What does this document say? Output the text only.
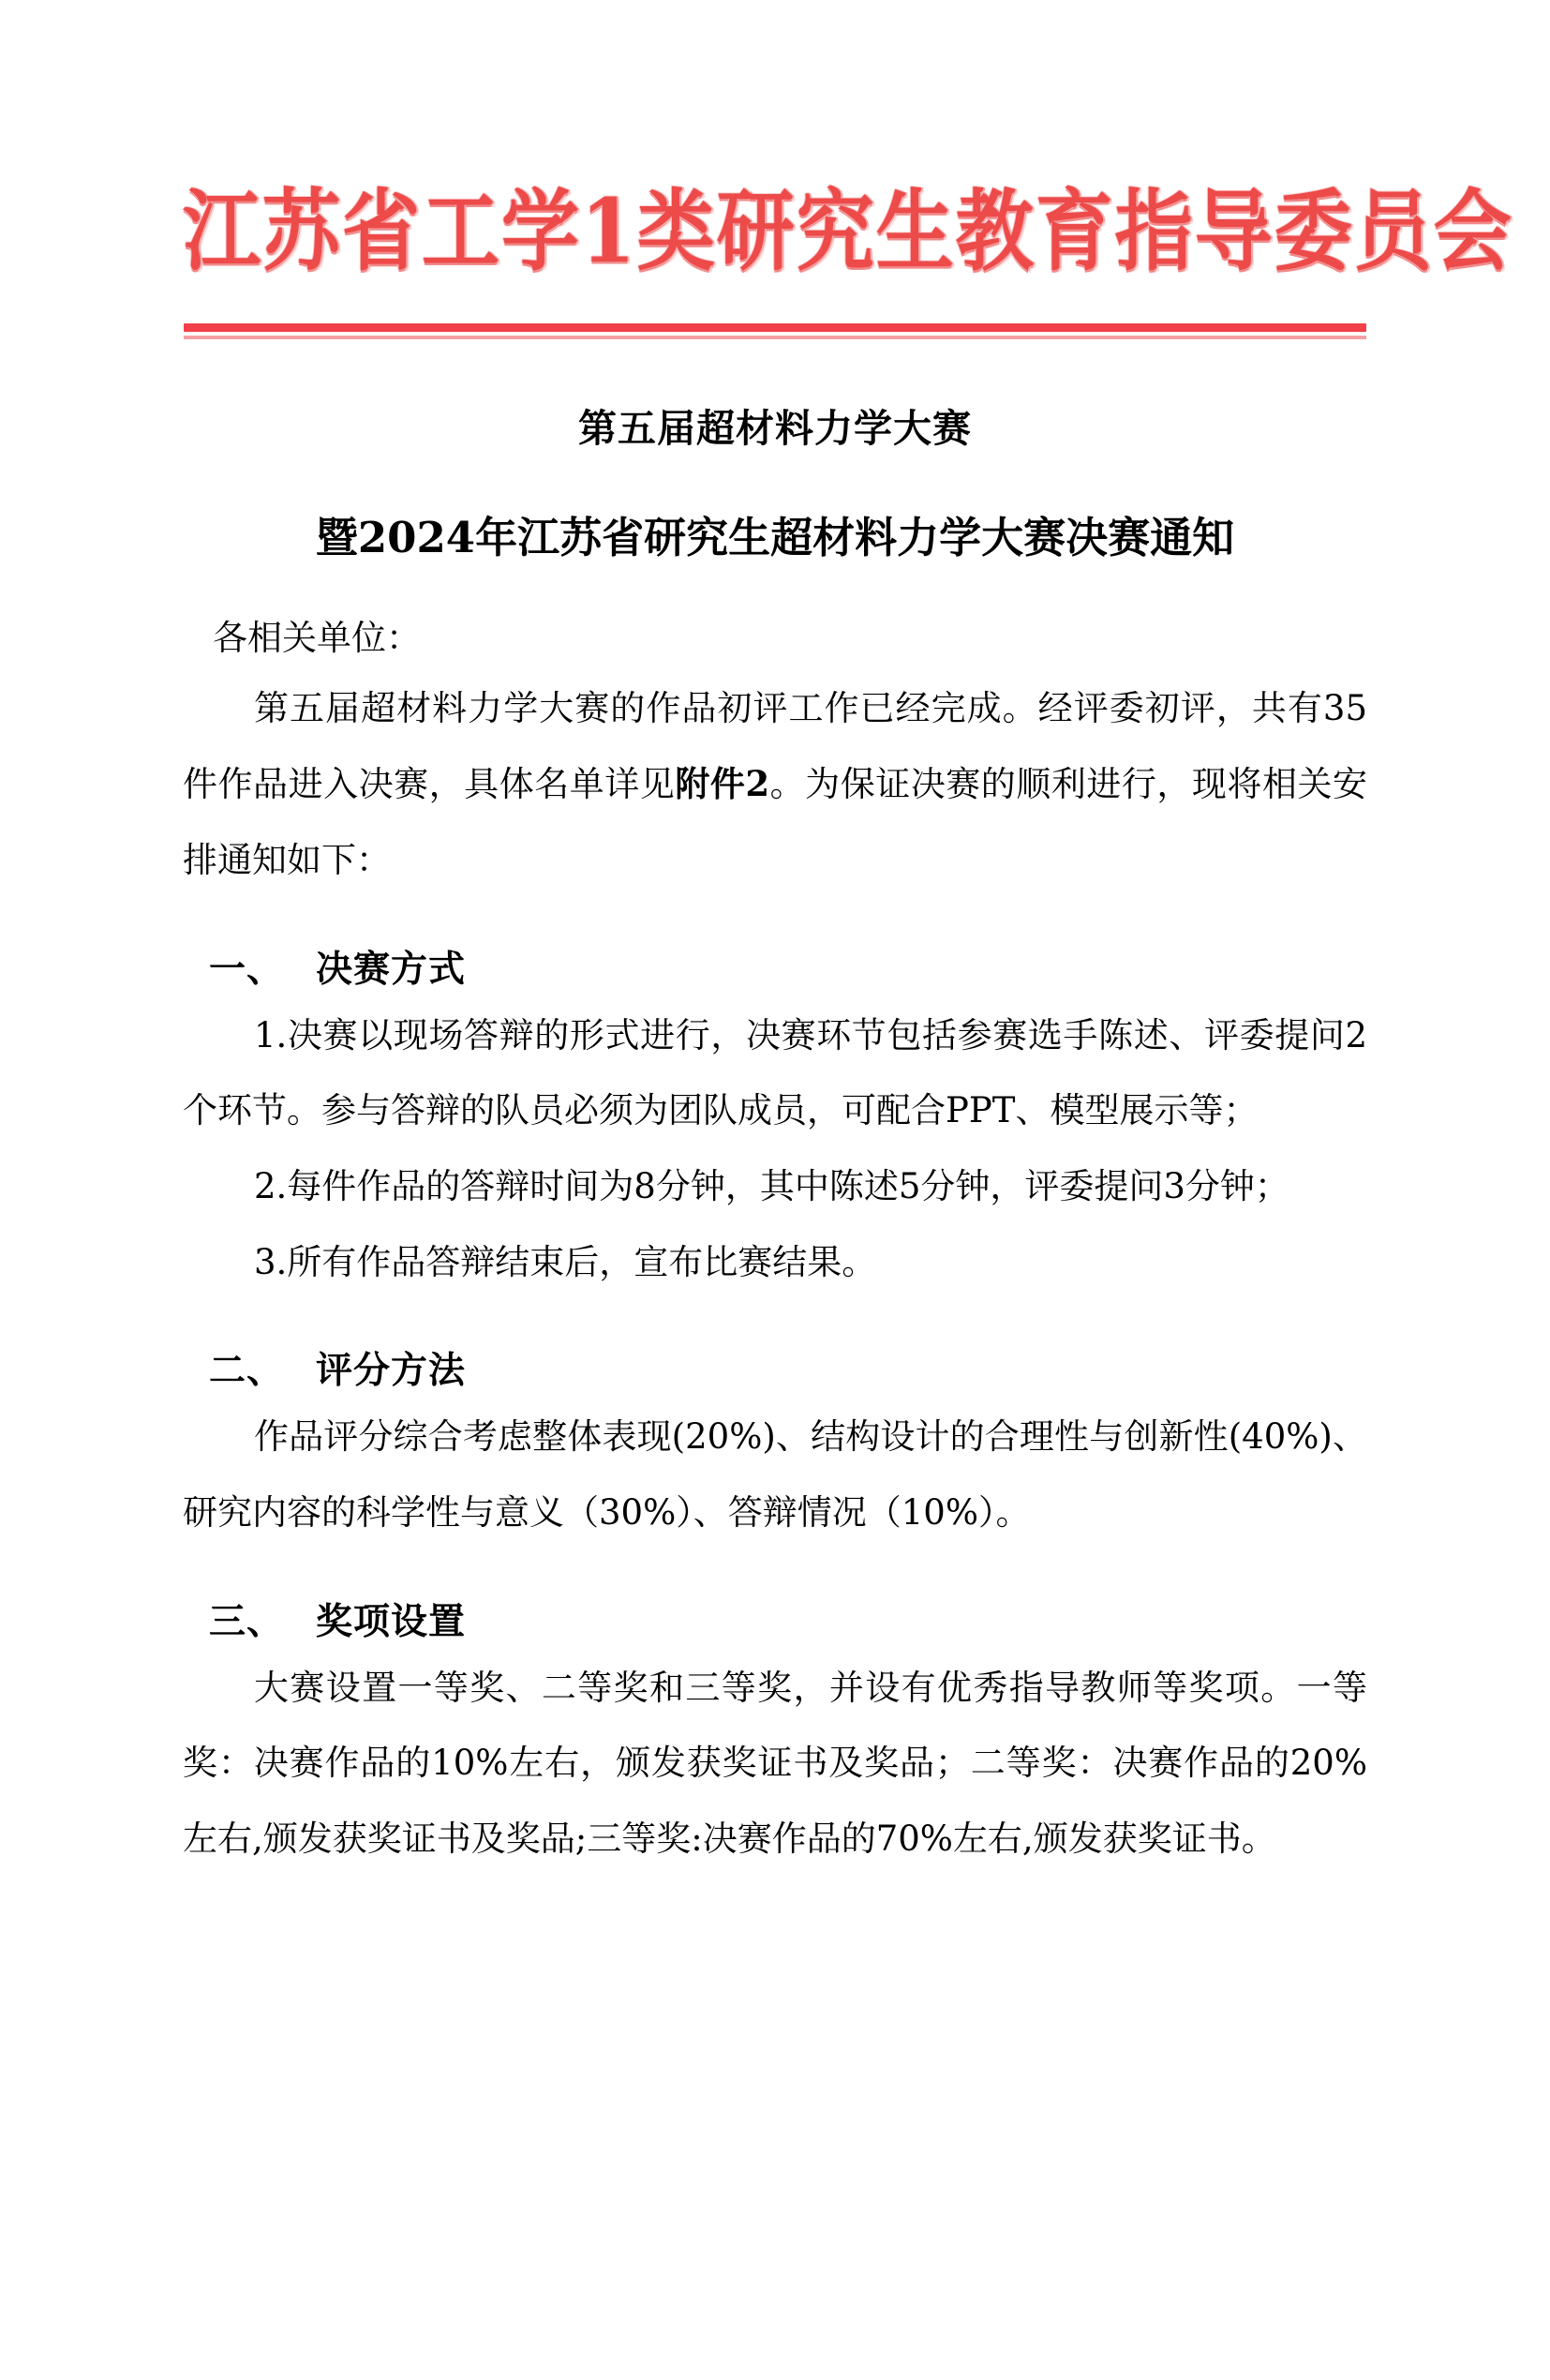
江苏省工学1类研究生教育指导委员会
第五届超材料力学大赛
暨2024年江苏省研究生超材料力学大赛决赛通知
各相关单位：

第五届超材料力学大赛的作品初评工作已经完成。经评委初评，共有35件作品进入决赛，具体名单详见附件2。为保证决赛的顺利进行，现将相关安排通知如下：

一、 决赛方式

1.决赛以现场答辩的形式进行，决赛环节包括参赛选手陈述、评委提问2个环节。参与答辩的队员必须为团队成员，可配合PPT、模型展示等；

2.每件作品的答辩时间为8分钟，其中陈述5分钟，评委提问3分钟；

3.所有作品答辩结束后，宣布比赛结果。

二、 评分方法

作品评分综合考虑整体表现(20%)、结构设计的合理性与创新性(40%)、研究内容的科学性与意义（30%）、答辩情况（10%）。

三、 奖项设置

大赛设置一等奖、二等奖和三等奖，并设有优秀指导教师等奖项。一等奖：决赛作品的10%左右，颁发获奖证书及奖品；二等奖：决赛作品的20%左右,颁发获奖证书及奖品;三等奖:决赛作品的70%左右,颁发获奖证书。
